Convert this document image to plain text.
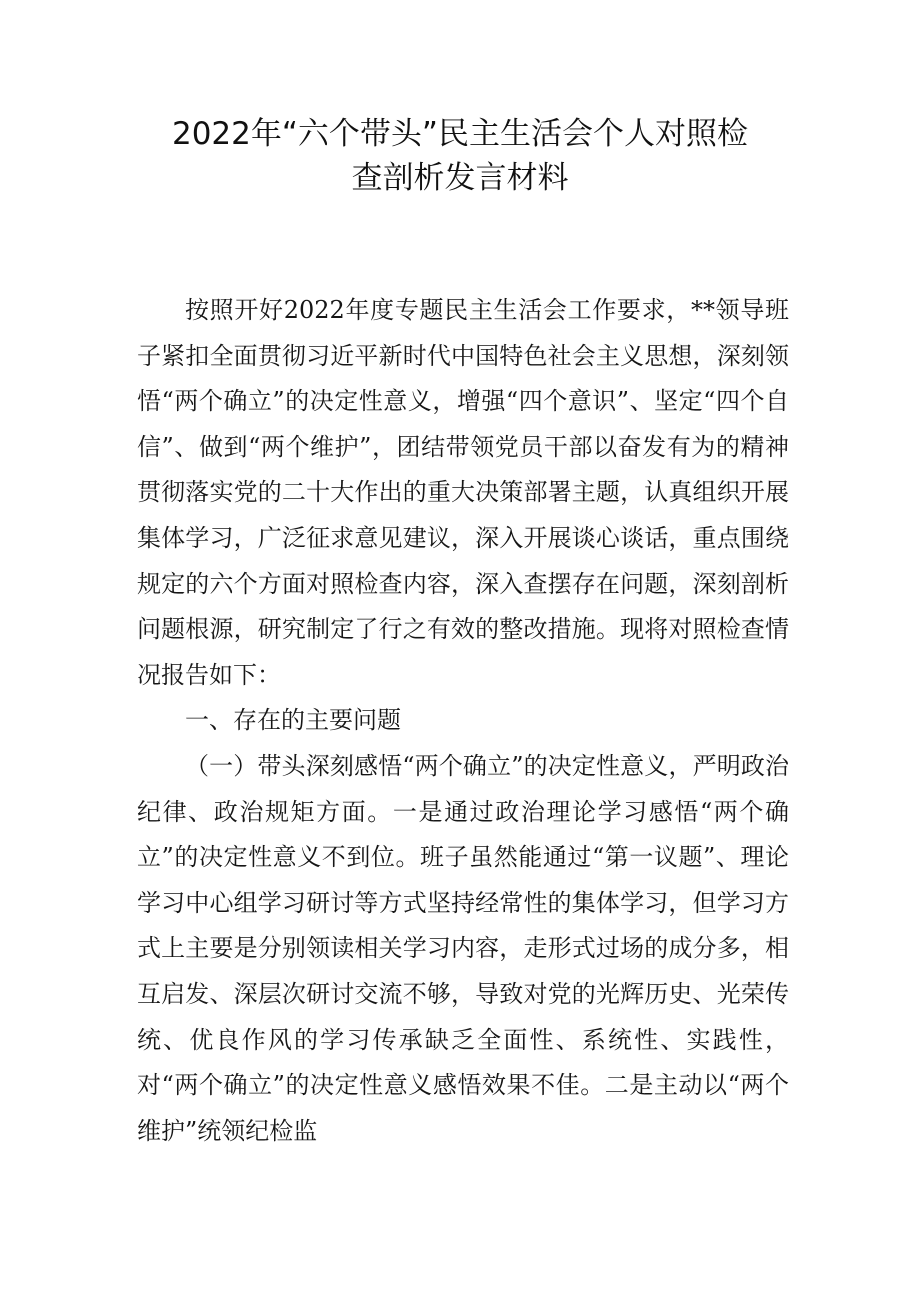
2022年“六个带头”民主生活会个人对照检
查剖析发言材料

按照开好2022年度专题民主生活会工作要求，**领导班子紧扣全面贯彻习近平新时代中国特色社会主义思想，深刻领悟“两个确立”的决定性意义，增强“四个意识”、坚定“四个自信”、做到“两个维护”，团结带领党员干部以奋发有为的精神贯彻落实党的二十大作出的重大决策部署主题，认真组织开展集体学习，广泛征求意见建议，深入开展谈心谈话，重点围绕规定的六个方面对照检查内容，深入查摆存在问题，深刻剖析问题根源，研究制定了行之有效的整改措施。现将对照检查情况报告如下：

一、存在的主要问题

（一）带头深刻感悟“两个确立”的决定性意义，严明政治纪律、政治规矩方面。一是通过政治理论学习感悟“两个确立”的决定性意义不到位。班子虽然能通过“第一议题”、理论学习中心组学习研讨等方式坚持经常性的集体学习，但学习方式上主要是分别领读相关学习内容，走形式过场的成分多，相互启发、深层次研讨交流不够，导致对党的光辉历史、光荣传统、优良作风的学习传承缺乏全面性、系统性、实践性，对“两个确立”的决定性意义感悟效果不佳。二是主动以“两个维护”统领纪检监
